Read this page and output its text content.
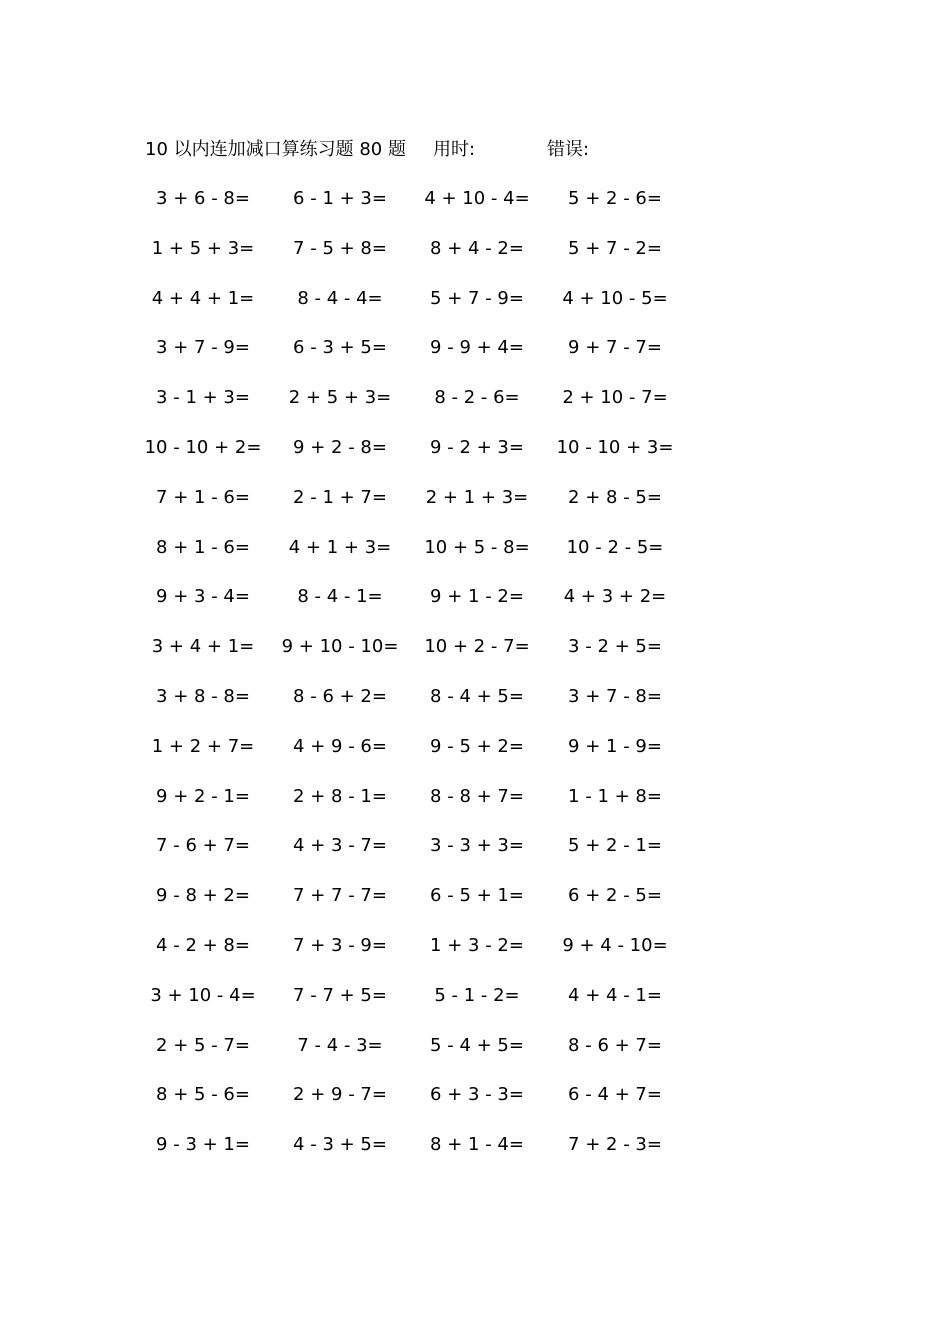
10 以内连加减口算练习题 80 题 用时:	错误:
3 + 6 - 8=	6 - 1 + 3=	4 + 10 - 4=	5 + 2 - 6=
1 + 5 + 3=	7 - 5 + 8=	8 + 4 - 2=	5 + 7 - 2=
4 + 4 + 1=	8 - 4 - 4=	5 + 7 - 9=	4 + 10 - 5=
3 + 7 - 9=	6 - 3 + 5=	9 - 9 + 4=	9 + 7 - 7=
3 - 1 + 3=	2 + 5 + 3=	8 - 2 - 6=	2 + 10 - 7=
10 - 10 + 2=	9 + 2 - 8=	9 - 2 + 3=	10 - 10 + 3=
7 + 1 - 6=	2 - 1 + 7=	2 + 1 + 3=	2 + 8 - 5=
8 + 1 - 6=	4 + 1 + 3=	10 + 5 - 8=	10 - 2 - 5=
9 + 3 - 4=	8 - 4 - 1=	9 + 1 - 2=	4 + 3 + 2=
3 + 4 + 1=	9 + 10 - 10=	10 + 2 - 7=	3 - 2 + 5=
3 + 8 - 8=	8 - 6 + 2=	8 - 4 + 5=	3 + 7 - 8=
1 + 2 + 7=	4 + 9 - 6=	9 - 5 + 2=	9 + 1 - 9=
9 + 2 - 1=	2 + 8 - 1=	8 - 8 + 7=	1 - 1 + 8=
7 - 6 + 7=	4 + 3 - 7=	3 - 3 + 3=	5 + 2 - 1=
9 - 8 + 2=	7 + 7 - 7=	6 - 5 + 1=	6 + 2 - 5=
4 - 2 + 8=	7 + 3 - 9=	1 + 3 - 2=	9 + 4 - 10=
3 + 10 - 4=	7 - 7 + 5=	5 - 1 - 2=	4 + 4 - 1=
2 + 5 - 7=	7 - 4 - 3=	5 - 4 + 5=	8 - 6 + 7=
8 + 5 - 6=	2 + 9 - 7=	6 + 3 - 3=	6 - 4 + 7=
9 - 3 + 1=	4 - 3 + 5=	8 + 1 - 4=	7 + 2 - 3=
